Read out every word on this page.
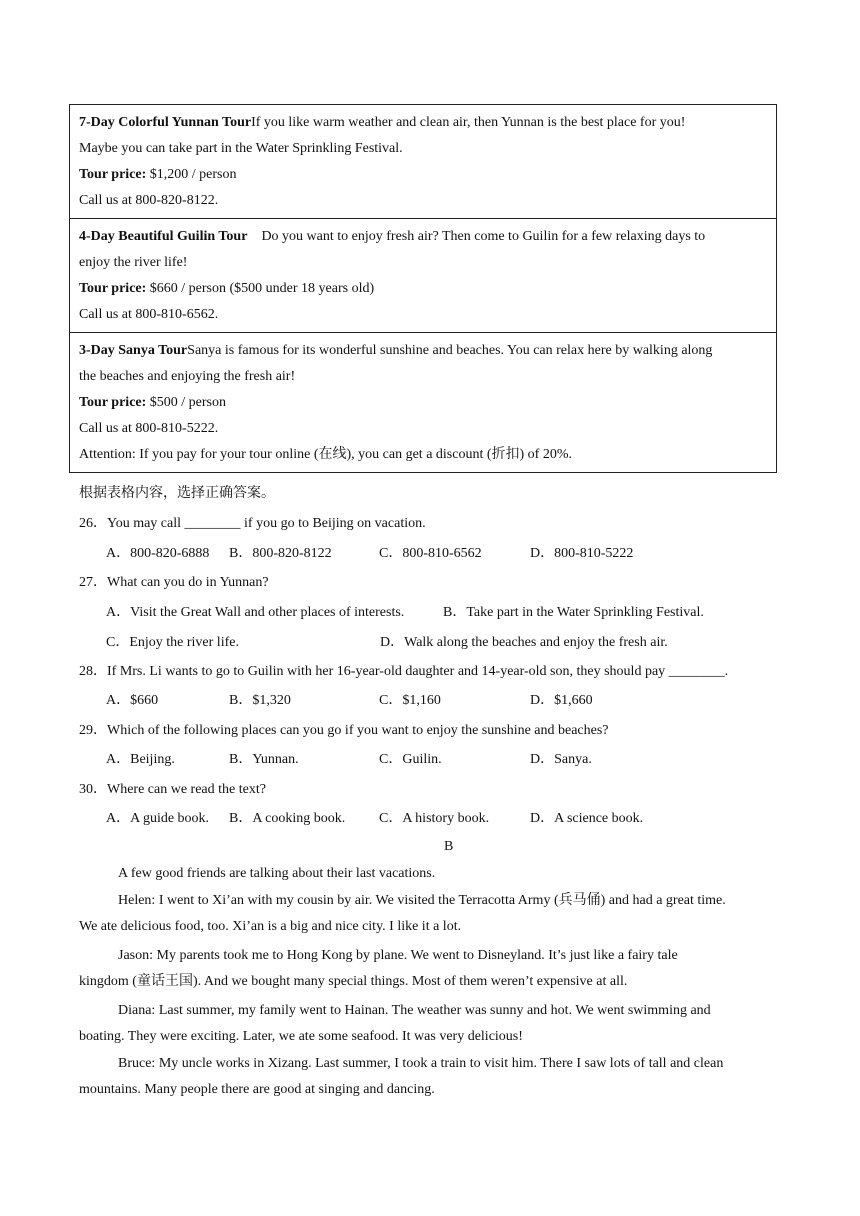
7-Day Colorful Yunnan TourIf you like warm weather and clean air, then Yunnan is the best place for you!
Maybe you can take part in the Water Sprinkling Festival.
Tour price: $1,200 / person
Call us at 800-820-8122.
4-Day Beautiful Guilin Tour    Do you want to enjoy fresh air? Then come to Guilin for a few relaxing days to
enjoy the river life!
Tour price: $660 / person ($500 under 18 years old)
Call us at 800-810-6562.
3-Day Sanya TourSanya is famous for its wonderful sunshine and beaches. You can relax here by walking along
the beaches and enjoying the fresh air!
Tour price: $500 / person
Call us at 800-810-5222.
Attention: If you pay for your tour online (在线), you can get a discount (折扣) of 20%.
根据表格内容，选择正确答案。
26．You may call ________ if you go to Beijing on vacation.
A．800-820-6888 B．800-820-8122	C．800-810-6562	D．800-810-5222
27．What can you do in Yunnan?
A．Visit the Great Wall and other places of interests.	B．Take part in the Water Sprinkling Festival.
C．Enjoy the river life.	D．Walk along the beaches and enjoy the fresh air.
28．If Mrs. Li wants to go to Guilin with her 16-year-old daughter and 14-year-old son, they should pay ________.
A．$660	B．$1,320	C．$1,160	D．$1,660
29．Which of the following places can you go if you want to enjoy the sunshine and beaches?
A．Beijing.	B．Yunnan.	C．Guilin.	D．Sanya.
30．Where can we read the text?
A．A guide book. B．A cooking book. C．A history book.	D．A science book.
B
A few good friends are talking about their last vacations.
Helen: I went to Xi’an with my cousin by air. We visited the Terracotta Army (兵马俑) and had a great time.
We ate delicious food, too. Xi’an is a big and nice city. I like it a lot.
Jason: My parents took me to Hong Kong by plane. We went to Disneyland. It’s just like a fairy tale
kingdom (童话王国). And we bought many special things. Most of them weren’t expensive at all.
Diana: Last summer, my family went to Hainan. The weather was sunny and hot. We went swimming and
boating. They were exciting. Later, we ate some seafood. It was very delicious!
Bruce: My uncle works in Xizang. Last summer, I took a train to visit him. There I saw lots of tall and clean
mountains. Many people there are good at singing and dancing.
